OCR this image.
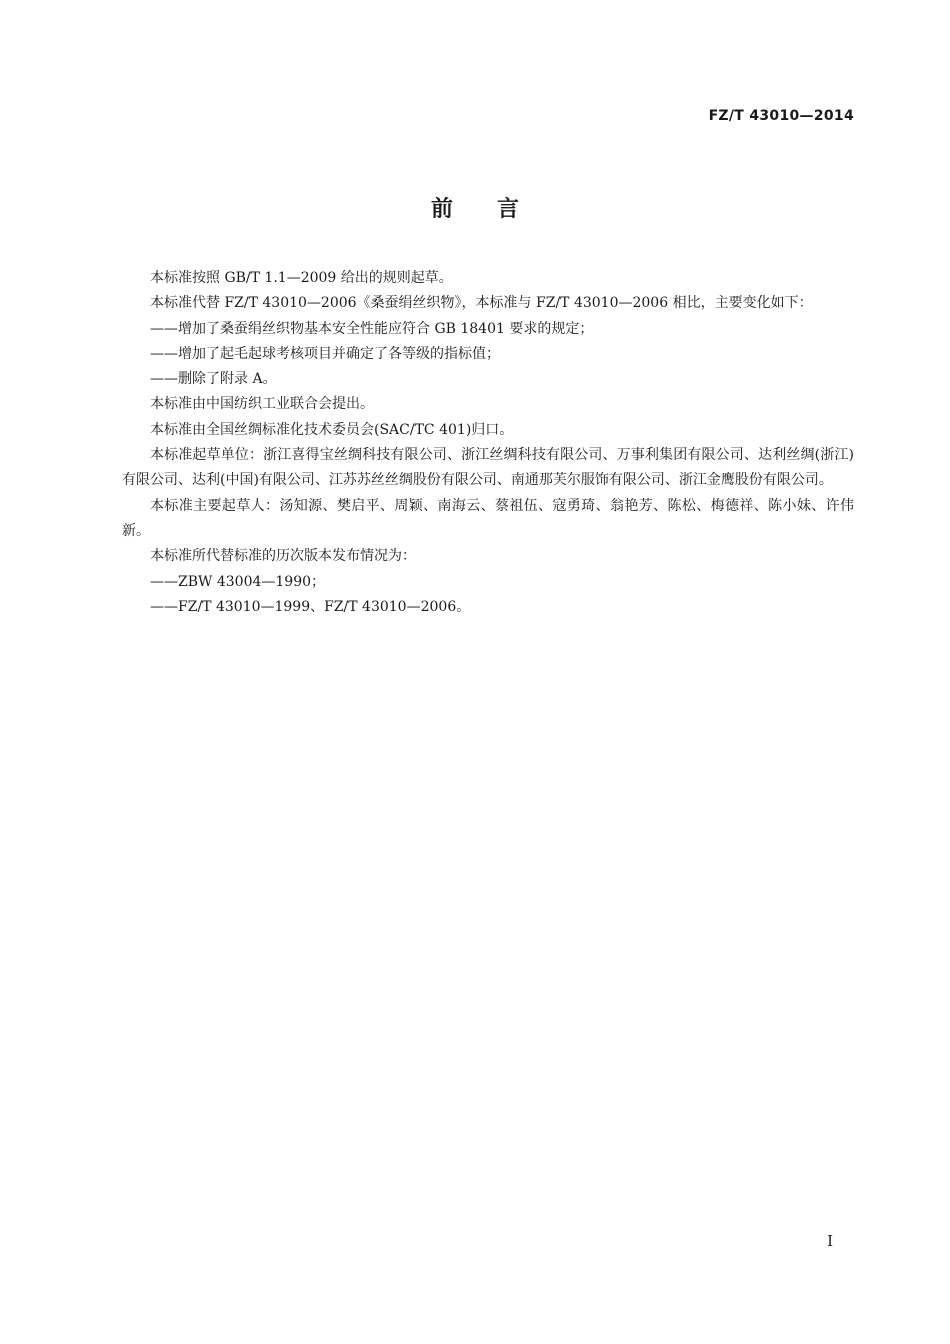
FZ/T 43010—2014
前言

本标准按照 GB/T 1.1—2009 给出的规则起草。

本标准代替 FZ/T 43010—2006《桑蚕绢丝织物》，本标准与 FZ/T 43010—2006 相比，主要变化如下：

——增加了桑蚕绢丝织物基本安全性能应符合 GB 18401 要求的规定；

——增加了起毛起球考核项目并确定了各等级的指标值；

——删除了附录 A。

本标准由中国纺织工业联合会提出。

本标准由全国丝绸标准化技术委员会(SAC/TC 401)归口。

本标准起草单位：浙江喜得宝丝绸科技有限公司、浙江丝绸科技有限公司、万事利集团有限公司、达利丝绸(浙江)有限公司、达利(中国)有限公司、江苏苏丝丝绸股份有限公司、南通那芙尔服饰有限公司、浙江金鹰股份有限公司。

本标准主要起草人：汤知源、樊启平、周颖、南海云、蔡祖伍、寇勇琦、翁艳芳、陈松、梅德祥、陈小妹、许伟新。

本标准所代替标准的历次版本发布情况为：

——ZBW 43004—1990；

——FZ/T 43010—1999、FZ/T 43010—2006。

I
